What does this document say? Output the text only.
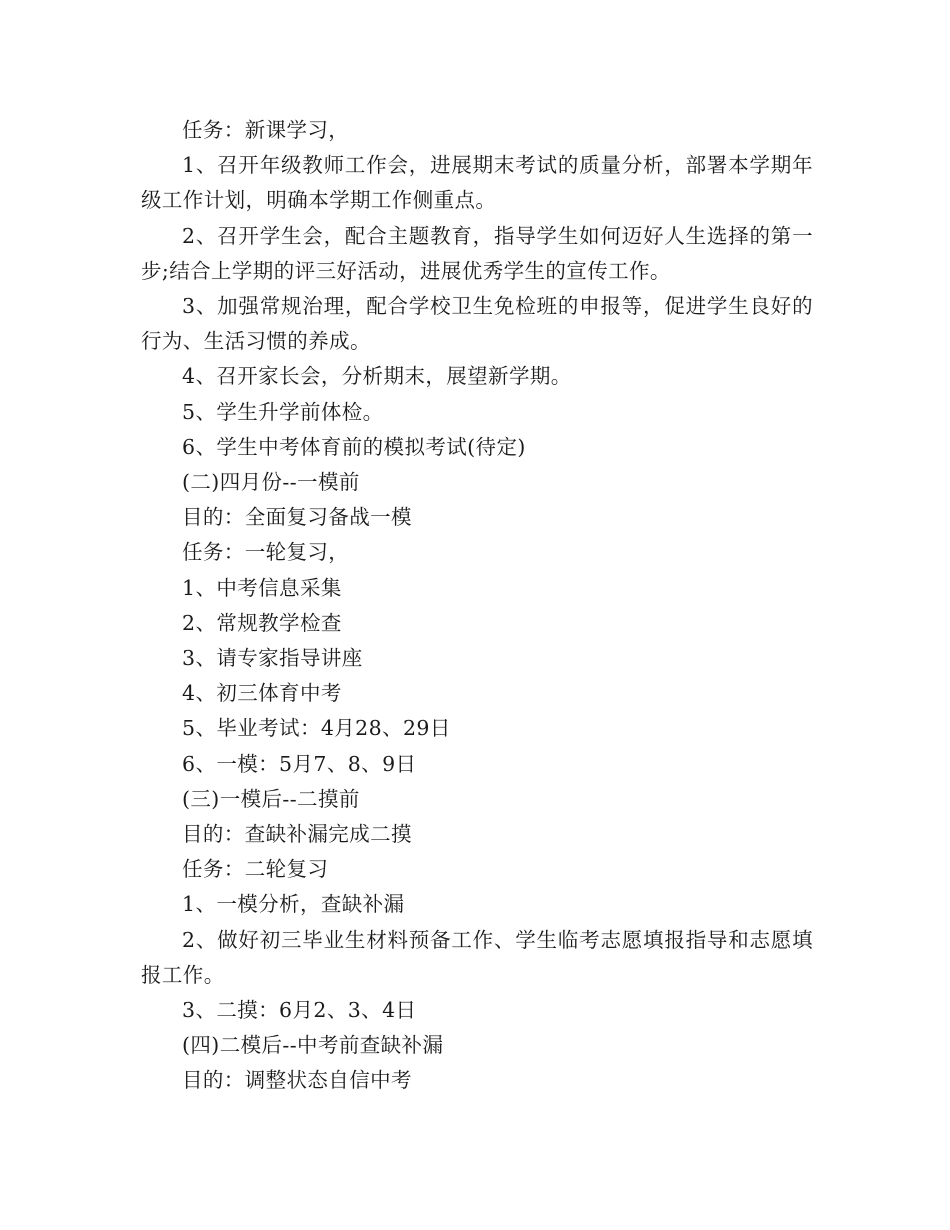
任务：新课学习，

1、召开年级教师工作会，进展期末考试的质量分析，部署本学期年级工作计划，明确本学期工作侧重点。

2、召开学生会，配合主题教育，指导学生如何迈好人生选择的第一步;结合上学期的评三好活动，进展优秀学生的宣传工作。

3、加强常规治理，配合学校卫生免检班的申报等，促进学生良好的行为、生活习惯的养成。

4、召开家长会，分析期末，展望新学期。

5、学生升学前体检。

6、学生中考体育前的模拟考试(待定)

(二)四月份--一模前

目的：全面复习备战一模

任务：一轮复习，

1、中考信息采集

2、常规教学检查

3、请专家指导讲座

4、初三体育中考

5、毕业考试：4月28、29日

6、一模：5月7、8、9日

(三)一模后--二摸前

目的：查缺补漏完成二摸

任务：二轮复习

1、一模分析，查缺补漏

2、做好初三毕业生材料预备工作、学生临考志愿填报指导和志愿填报工作。

3、二摸：6月2、3、4日

(四)二模后--中考前查缺补漏

目的：调整状态自信中考
